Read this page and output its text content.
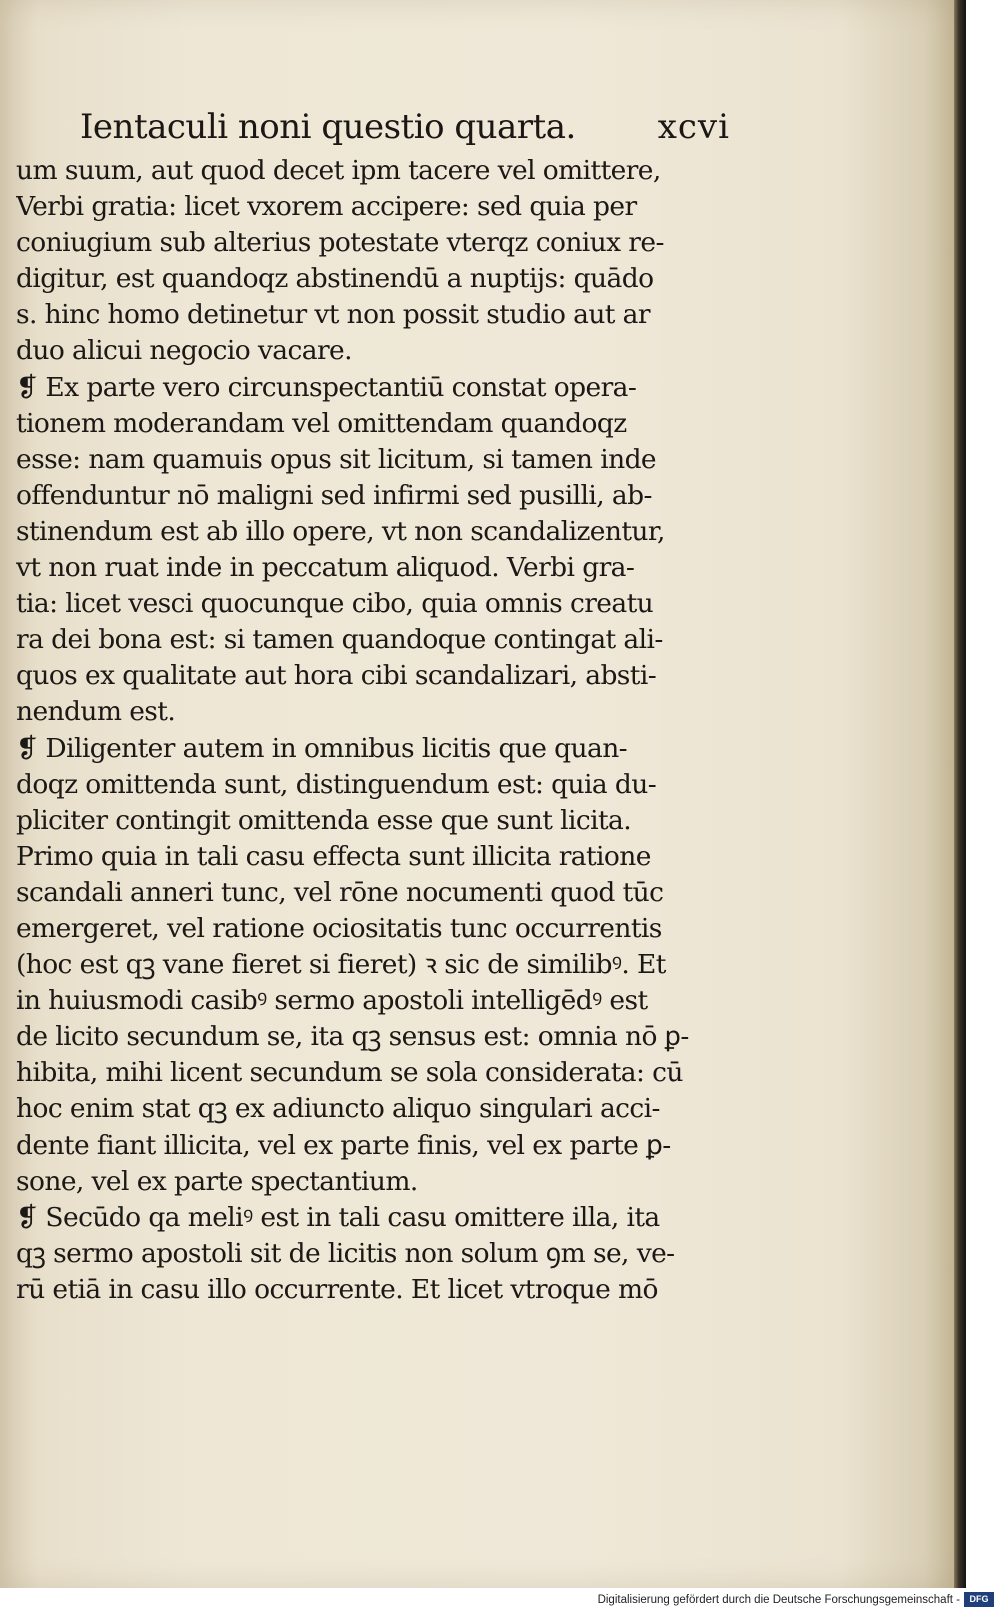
Ientaculi noni questio quarta. xcvi
um suum, aut quod decet ipm tacere vel omittere,
Verbi gratia: licet vxorem accipere: sed quia per
coniugium sub alterius potestate vterqz coniux re-
digitur, est quandoqz abstinendū a nuptijs: quādo
s. hinc homo detinetur vt non possit studio aut ar
duo alicui negocio vacare.
❡ Ex parte vero circunspectantiū constat opera-
tionem moderandam vel omittendam quandoqz
esse: nam quamuis opus sit licitum, si tamen inde
offenduntur nō maligni sed infirmi sed pusilli, ab-
stinendum est ab illo opere, vt non scandalizentur,
vt non ruat inde in peccatum aliquod. Verbi gra-
tia: licet vesci quocunque cibo, quia omnis creatu
ra dei bona est: si tamen quandoque contingat ali-
quos ex qualitate aut hora cibi scandalizari, absti-
nendum est.
❡ Diligenter autem in omnibus licitis que quan-
doqz omittenda sunt, distinguendum est: quia du-
pliciter contingit omittenda esse que sunt licita.
Primo quia in tali casu effecta sunt illicita ratione
scandali anneri tunc, vel rōne nocumenti quod tūc
emergeret, vel ratione ociositatis tunc occurrentis
(hoc est qꝫ vane fieret si fieret) ꝛ sic de similibꝰ. Et
in huiusmodi casibꝰ sermo apostoli intelligēdꝰ est
de licito secundum se, ita qꝫ sensus est: omnia nō ꝑ-
hibita, mihi licent secundum se sola considerata: cū
hoc enim stat qꝫ ex adiuncto aliquo singulari acci-
dente fiant illicita, vel ex parte finis, vel ex parte ꝑ-
sone, vel ex parte spectantium.
❡ Secūdo qa meliꝰ est in tali casu omittere illa, ita
qꝫ sermo apostoli sit de licitis non solum ꝯm se, ve-
rū etiā in casu illo occurrente. Et licet vtroque mō
Digitalisierung gefördert durch die Deutsche Forschungsgemeinschaft -	DFG
